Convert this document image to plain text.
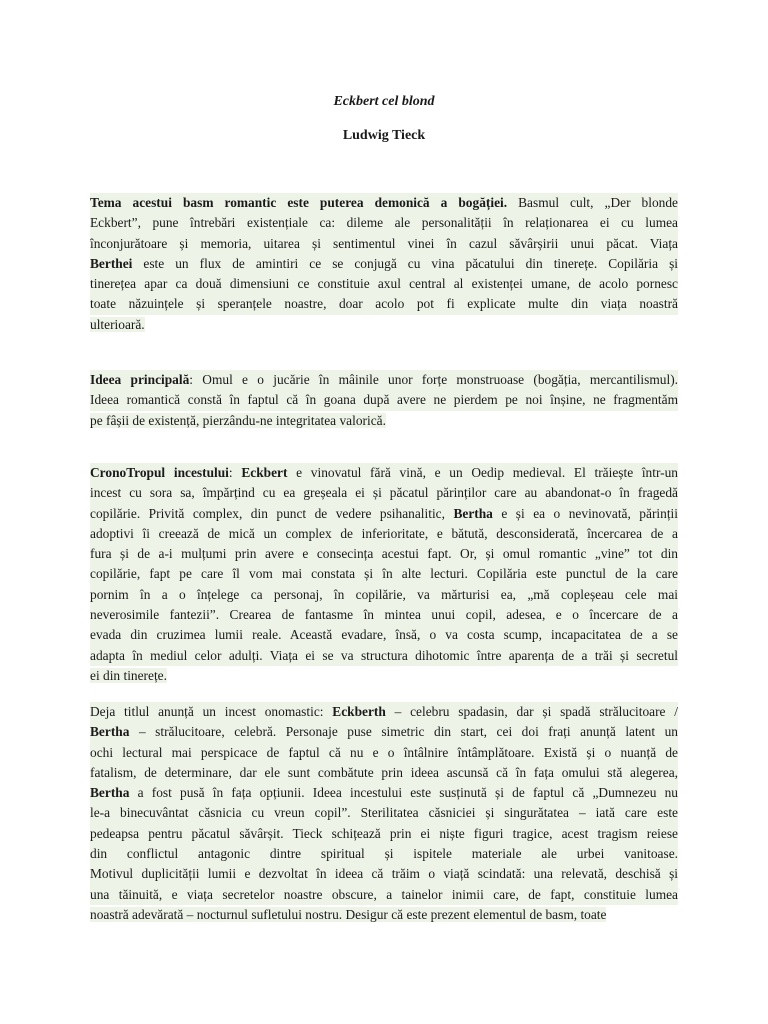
Eckbert cel blond
Ludwig Tieck
Tema acestui basm romantic este puterea demonică a bogăției. Basmul cult, „Der blonde
Eckbert”, pune întrebări existențiale ca: dileme ale personalității în relaționarea ei cu lumea
înconjurătoare și memoria, uitarea și sentimentul vinei în cazul săvârșirii unui păcat. Viața
Berthei este un flux de amintiri ce se conjugă cu vina păcatului din tinerețe. Copilăria și
tinerețea apar ca două dimensiuni ce constituie axul central al existenței umane, de acolo pornesc
toate năzuințele și speranțele noastre, doar acolo pot fi explicate multe din viața noastră
ulterioară.
Ideea principală: Omul e o jucărie în mâinile unor forțe monstruoase (bogăția, mercantilismul).
Ideea romantică constă în faptul că în goana după avere ne pierdem pe noi înșine, ne fragmentăm
pe fâșii de existență, pierzându-ne integritatea valorică.
CronoTropul incestului: Eckbert e vinovatul fără vină, e un Oedip medieval. El trăiește într-un
incest cu sora sa, împărțind cu ea greșeala ei și păcatul părinților care au abandonat-o în fragedă
copilărie. Privită complex, din punct de vedere psihanalitic, Bertha e și ea o nevinovată, părinții
adoptivi îi creează de mică un complex de inferioritate, e bătută, desconsiderată, încercarea de a
fura și de a-i mulțumi prin avere e consecința acestui fapt. Or, și omul romantic „vine” tot din
copilărie, fapt pe care îl vom mai constata și în alte lecturi. Copilăria este punctul de la care
pornim în a o înțelege ca personaj, în copilărie, va mărturisi ea, „mă copleșeau cele mai
neverosimile fantezii”. Crearea de fantasme în mintea unui copil, adesea, e o încercare de a
evada din cruzimea lumii reale. Această evadare, însă, o va costa scump, incapacitatea de a se
adapta în mediul celor adulți. Viața ei se va structura dihotomic între aparența de a trăi și secretul
ei din tinerețe.
Deja titlul anunță un incest onomastic: Eckberth – celebru spadasin, dar și spadă strălucitoare /
Bertha – strălucitoare, celebră. Personaje puse simetric din start, cei doi frați anunță latent un
ochi lectural mai perspicace de faptul că nu e o întâlnire întâmplătoare. Există și o nuanță de
fatalism, de determinare, dar ele sunt combătute prin ideea ascunsă că în fața omului stă alegerea,
Bertha a fost pusă în fața opțiunii. Ideea incestului este susținută și de faptul că „Dumnezeu nu
le-a binecuvântat căsnicia cu vreun copil”. Sterilitatea căsniciei și singurătatea – iată care este
pedeapsa pentru păcatul săvârșit. Tieck schițează prin ei niște figuri tragice, acest tragism reiese
din conflictul antagonic dintre spiritual și ispitele materiale ale urbei vanitoase.
Motivul duplicității lumii e dezvoltat în ideea că trăim o viață scindată: una relevată, deschisă și
una tăinuită, e viața secretelor noastre obscure, a tainelor inimii care, de fapt, constituie lumea
noastră adevărată – nocturnul sufletului nostru. Desigur că este prezent elementul de basm, toate
